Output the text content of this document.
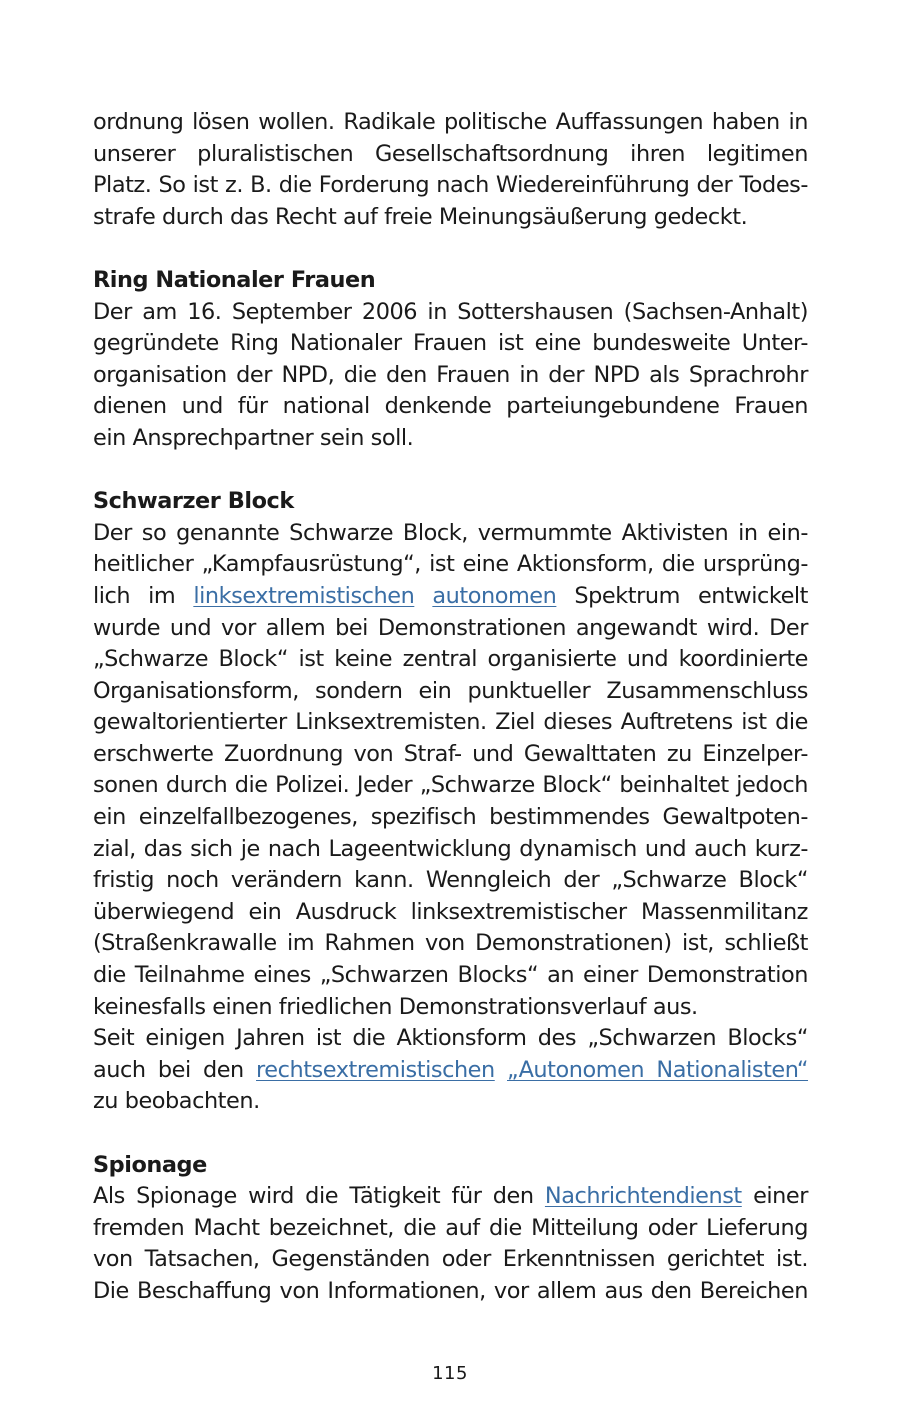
ordnung lösen wollen. Radikale politische Auffassungen haben in
unserer pluralistischen Gesellschaftsordnung ihren legitimen
Platz. So ist z. B. die Forderung nach Wiedereinführung der Todes-
strafe durch das Recht auf freie Meinungsäußerung gedeckt.
Ring Nationaler Frauen
Der am 16. September 2006 in Sottershausen (Sachsen-Anhalt)
gegründete Ring Nationaler Frauen ist eine bundesweite Unter-
organisation der NPD, die den Frauen in der NPD als Sprachrohr
dienen und für national denkende parteiungebundene Frauen
ein Ansprechpartner sein soll.
Schwarzer Block
Der so genannte Schwarze Block, vermummte Aktivisten in ein-
heitlicher „Kampfausrüstung“, ist eine Aktionsform, die ursprüng-
lich im linksextremistischen autonomen Spektrum entwickelt
wurde und vor allem bei Demonstrationen angewandt wird. Der
„Schwarze Block“ ist keine zentral organisierte und koordinierte
Organisationsform, sondern ein punktueller Zusammenschluss
gewaltorientierter Linksextremisten. Ziel dieses Auftretens ist die
erschwerte Zuordnung von Straf- und Gewalttaten zu Einzelper-
sonen durch die Polizei. Jeder „Schwarze Block“ beinhaltet jedoch
ein einzelfallbezogenes, spezifisch bestimmendes Gewaltpoten-
zial, das sich je nach Lageentwicklung dynamisch und auch kurz-
fristig noch verändern kann. Wenngleich der „Schwarze Block“
überwiegend ein Ausdruck linksextremistischer Massenmilitanz
(Straßenkrawalle im Rahmen von Demonstrationen) ist, schließt
die Teilnahme eines „Schwarzen Blocks“ an einer Demonstration
keinesfalls einen friedlichen Demonstrationsverlauf aus.
Seit einigen Jahren ist die Aktionsform des „Schwarzen Blocks“
auch bei den rechtsextremistischen „Autonomen Nationalisten“
zu beobachten.
Spionage
Als Spionage wird die Tätigkeit für den Nachrichtendienst einer
fremden Macht bezeichnet, die auf die Mitteilung oder Lieferung
von Tatsachen, Gegenständen oder Erkenntnissen gerichtet ist.
Die Beschaffung von Informationen, vor allem aus den Bereichen
115
